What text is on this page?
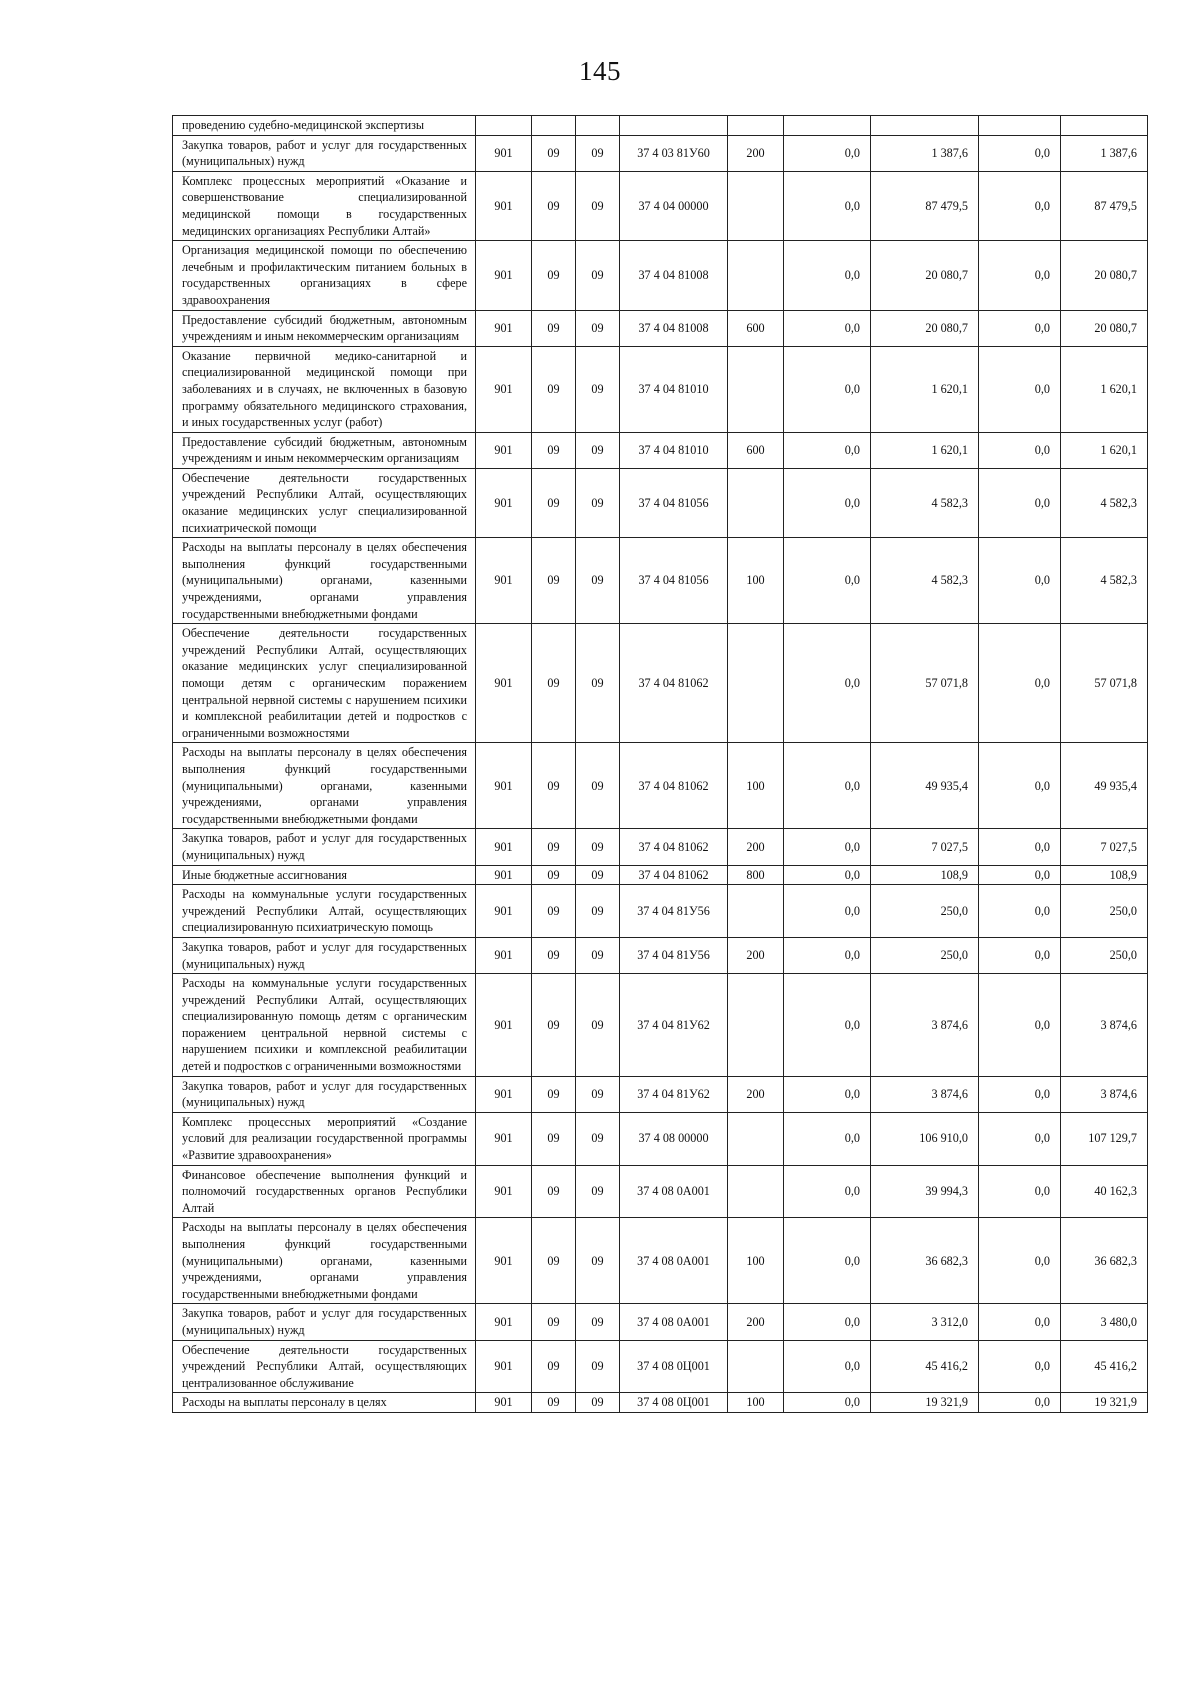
145
проведению судебно-медицинской экспертизы									
Закупка товаров, работ и услуг для государственных (муниципальных) нужд	901	09	09	37 4 03 81У60	200	0,0	1 387,6	0,0	1 387,6
Комплекс процессных мероприятий «Оказание и совершенствование специализированной медицинской помощи в государственных медицинских организациях Республики Алтай»	901	09	09	37 4 04 00000		0,0	87 479,5	0,0	87 479,5
Организация медицинской помощи по обеспечению лечебным и профилактическим питанием больных в государственных организациях в сфере здравоохранения	901	09	09	37 4 04 81008		0,0	20 080,7	0,0	20 080,7
Предоставление субсидий бюджетным, автономным учреждениям и иным некоммерческим организациям	901	09	09	37 4 04 81008	600	0,0	20 080,7	0,0	20 080,7
Оказание первичной медико-санитарной и специализированной медицинской помощи при заболеваниях и в случаях, не включенных в базовую программу обязательного медицинского страхования, и иных государственных услуг (работ)	901	09	09	37 4 04 81010		0,0	1 620,1	0,0	1 620,1
Предоставление субсидий бюджетным, автономным учреждениям и иным некоммерческим организациям	901	09	09	37 4 04 81010	600	0,0	1 620,1	0,0	1 620,1
Обеспечение деятельности государственных учреждений Республики Алтай, осуществляющих оказание медицинских услуг специализированной психиатрической помощи	901	09	09	37 4 04 81056		0,0	4 582,3	0,0	4 582,3
Расходы на выплаты персоналу в целях обеспечения выполнения функций государственными (муниципальными) органами, казенными учреждениями, органами управления государственными внебюджетными фондами	901	09	09	37 4 04 81056	100	0,0	4 582,3	0,0	4 582,3
Обеспечение деятельности государственных учреждений Республики Алтай, осуществляющих оказание медицинских услуг специализированной помощи детям с органическим поражением центральной нервной системы с нарушением психики и комплексной реабилитации детей и подростков с ограниченными возможностями	901	09	09	37 4 04 81062		0,0	57 071,8	0,0	57 071,8
Расходы на выплаты персоналу в целях обеспечения выполнения функций государственными (муниципальными) органами, казенными учреждениями, органами управления государственными внебюджетными фондами	901	09	09	37 4 04 81062	100	0,0	49 935,4	0,0	49 935,4
Закупка товаров, работ и услуг для государственных (муниципальных) нужд	901	09	09	37 4 04 81062	200	0,0	7 027,5	0,0	7 027,5
Иные бюджетные ассигнования	901	09	09	37 4 04 81062	800	0,0	108,9	0,0	108,9
Расходы на коммунальные услуги государственных учреждений Республики Алтай, осуществляющих специализированную психиатрическую помощь	901	09	09	37 4 04 81У56		0,0	250,0	0,0	250,0
Закупка товаров, работ и услуг для государственных (муниципальных) нужд	901	09	09	37 4 04 81У56	200	0,0	250,0	0,0	250,0
Расходы на коммунальные услуги государственных учреждений Республики Алтай, осуществляющих специализированную помощь детям с органическим поражением центральной нервной системы с нарушением психики и комплексной реабилитации детей и подростков с ограниченными возможностями	901	09	09	37 4 04 81У62		0,0	3 874,6	0,0	3 874,6
Закупка товаров, работ и услуг для государственных (муниципальных) нужд	901	09	09	37 4 04 81У62	200	0,0	3 874,6	0,0	3 874,6
Комплекс процессных мероприятий «Создание условий для реализации государственной программы «Развитие здравоохранения»	901	09	09	37 4 08 00000		0,0	106 910,0	0,0	107 129,7
Финансовое обеспечение выполнения функций и полномочий государственных органов Республики Алтай	901	09	09	37 4 08 0А001		0,0	39 994,3	0,0	40 162,3
Расходы на выплаты персоналу в целях обеспечения выполнения функций государственными (муниципальными) органами, казенными учреждениями, органами управления государственными внебюджетными фондами	901	09	09	37 4 08 0А001	100	0,0	36 682,3	0,0	36 682,3
Закупка товаров, работ и услуг для государственных (муниципальных) нужд	901	09	09	37 4 08 0А001	200	0,0	3 312,0	0,0	3 480,0
Обеспечение деятельности государственных учреждений Республики Алтай, осуществляющих централизованное обслуживание	901	09	09	37 4 08 0Ц001		0,0	45 416,2	0,0	45 416,2
Расходы на выплаты персоналу в целях	901	09	09	37 4 08 0Ц001	100	0,0	19 321,9	0,0	19 321,9
